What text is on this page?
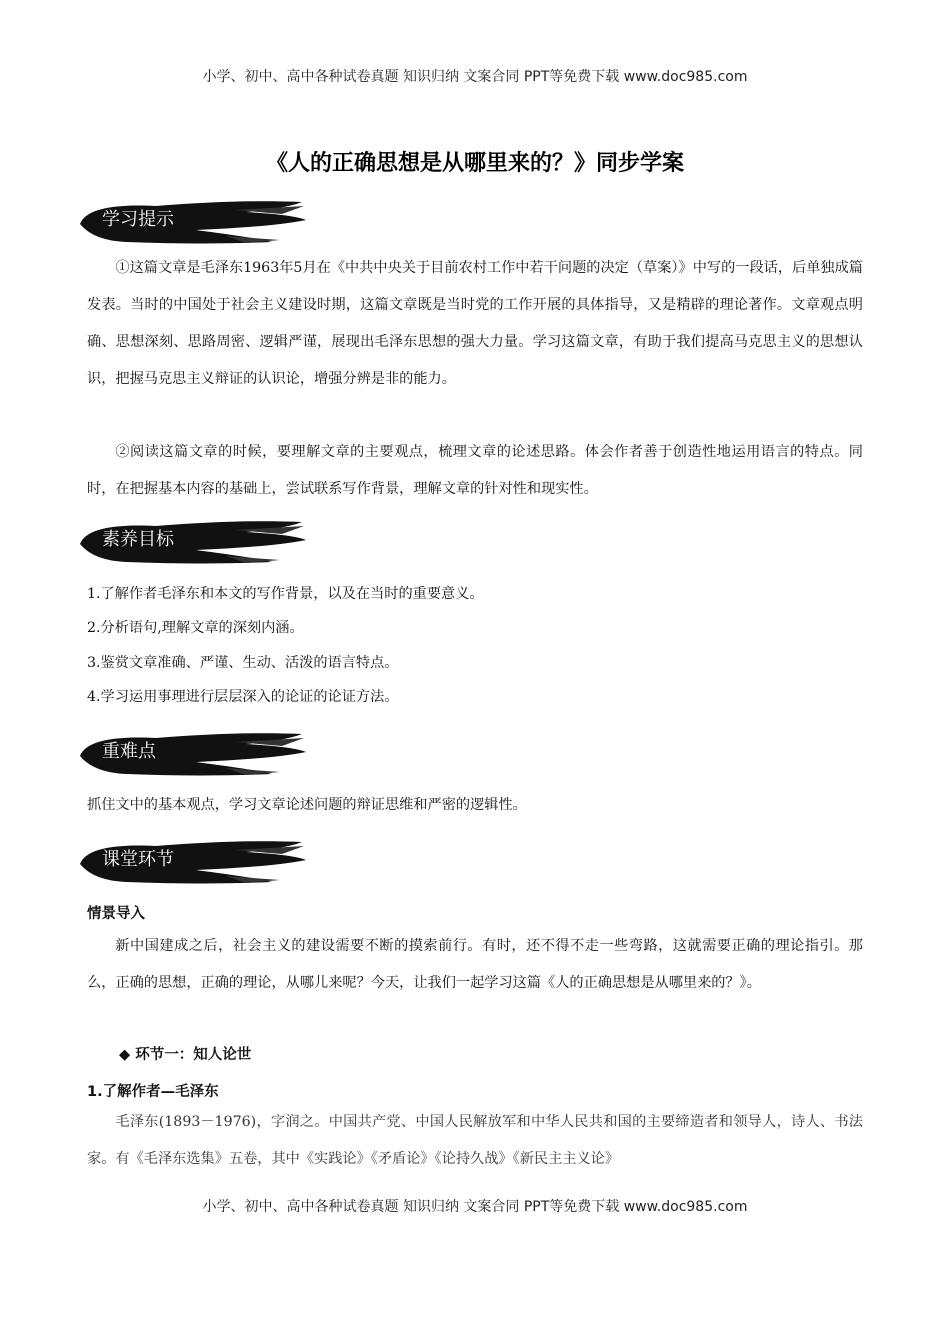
小学、初中、高中各种试卷真题 知识归纳 文案合同 PPT等免费下载 www.doc985.com
《人的正确思想是从哪里来的？》同步学案
学习提示

①这篇文章是毛泽东1963年5月在《中共中央关于目前农村工作中若干问题的决定（草案）》中写的一段话，后单独成篇发表。当时的中国处于社会主义建设时期，这篇文章既是当时党的工作开展的具体指导，又是精辟的理论著作。文章观点明确、思想深刻、思路周密、逻辑严谨，展现出毛泽东思想的强大力量。学习这篇文章，有助于我们提高马克思主义的思想认识，把握马克思主义辩证的认识论，增强分辨是非的能力。

②阅读这篇文章的时候，要理解文章的主要观点，梳理文章的论述思路。体会作者善于创造性地运用语言的特点。同时，在把握基本内容的基础上，尝试联系写作背景，理解文章的针对性和现实性。

素养目标

1.了解作者毛泽东和本文的写作背景，以及在当时的重要意义。

2.分析语句,理解文章的深刻内涵。

3.鉴赏文章准确、严谨、生动、活泼的语言特点。

4.学习运用事理进行层层深入的论证的论证方法。

重难点

抓住文中的基本观点，学习文章论述问题的辩证思维和严密的逻辑性。

课堂环节
情景导入

新中国建成之后，社会主义的建设需要不断的摸索前行。有时，还不得不走一些弯路，这就需要正确的理论指引。那么，正确的思想，正确的理论，从哪儿来呢？今天，让我们一起学习这篇《人的正确思想是从哪里来的？》。

◆ 环节一：知人论世
1.了解作者—毛泽东

毛泽东(1893－1976)，字润之。中国共产党、中国人民解放军和中华人民共和国的主要缔造者和领导人，诗人、书法家。有《毛泽东选集》五卷，其中《实践论》《矛盾论》《论持久战》《新民主主义论》

小学、初中、高中各种试卷真题 知识归纳 文案合同 PPT等免费下载 www.doc985.com
